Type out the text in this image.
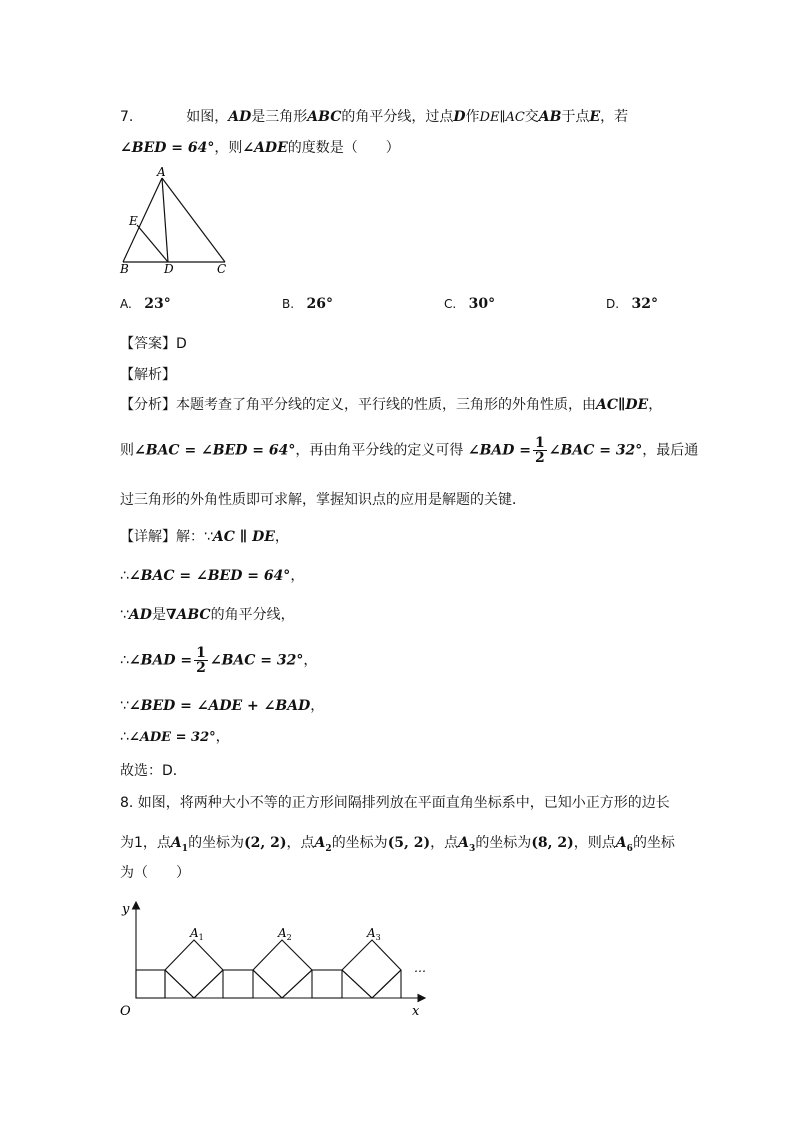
7.	如图，AD是三角形ABC的角平分线，过点D作DE∥AC交AB于点E，若
∠BED = 64°，则∠ADE的度数是（　　）
A
E
B	D	C
A. 23°	B. 26°	C. 30°	D. 32°
【答案】D
【解析】
【分析】本题考查了角平分线的定义，平行线的性质，三角形的外角性质，由AC∥DE，
则∠BAC = ∠BED = 64°，再由角平分线的定义可得 ∠BAD = $\frac{1}{2}$ ∠BAC = 32°，最后通
过三角形的外角性质即可求解，掌握知识点的应用是解题的关键．
【详解】解：∵AC ∥ DE，
∴∠BAC = ∠BED = 64°，
∵AD是∇ABC的角平分线，
∴∠BAD = $\frac{1}{2}$ ∠BAC = 32°，
∵∠BED = ∠ADE + ∠BAD，
∴∠ADE = 32°，
故选：D．
8. 如图，将两种大小不等的正方形间隔排列放在平面直角坐标系中，已知小正方形的边长
为1，点$A_1$的坐标为(2, 2)，点$A_2$的坐标为(5, 2)，点$A_3$的坐标为(8, 2)，则点$A_6$的坐标
为（　　）
y
x
O
$A_1$	$A_2$	$A_3$
…
